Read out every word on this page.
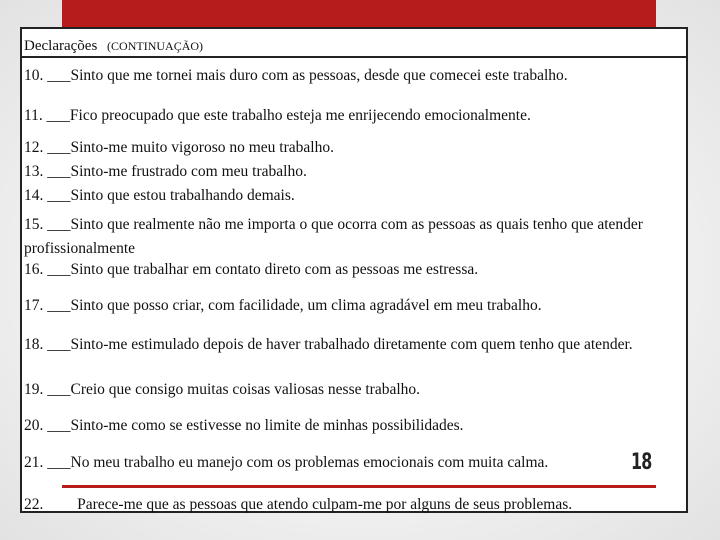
Declarações (CONTINUAÇÃO)
10. ___Sinto que me tornei mais duro com as pessoas, desde que comecei este trabalho.
11. ___Fico preocupado que este trabalho esteja me enrijecendo emocionalmente.
12. ___Sinto-me muito vigoroso no meu trabalho.
13. ___Sinto-me frustrado com meu trabalho.
14. ___Sinto que estou trabalhando demais.
15. ___Sinto que realmente não me importa o que ocorra com as pessoas as quais tenho que atender profissionalmente
16. ___Sinto que trabalhar em contato direto com as pessoas me estressa.
17. ___Sinto que posso criar, com facilidade, um clima agradável em meu trabalho.
18. ___Sinto-me estimulado depois de haver trabalhado diretamente com quem tenho que atender.
19. ___Creio que consigo muitas coisas valiosas nesse trabalho.
20. ___Sinto-me como se estivesse no limite de minhas possibilidades.
21. ___No meu trabalho eu manejo com os problemas emocionais com muita calma.	18
22. Parece-me que as pessoas que atendo culpam-me por alguns de seus problemas.
